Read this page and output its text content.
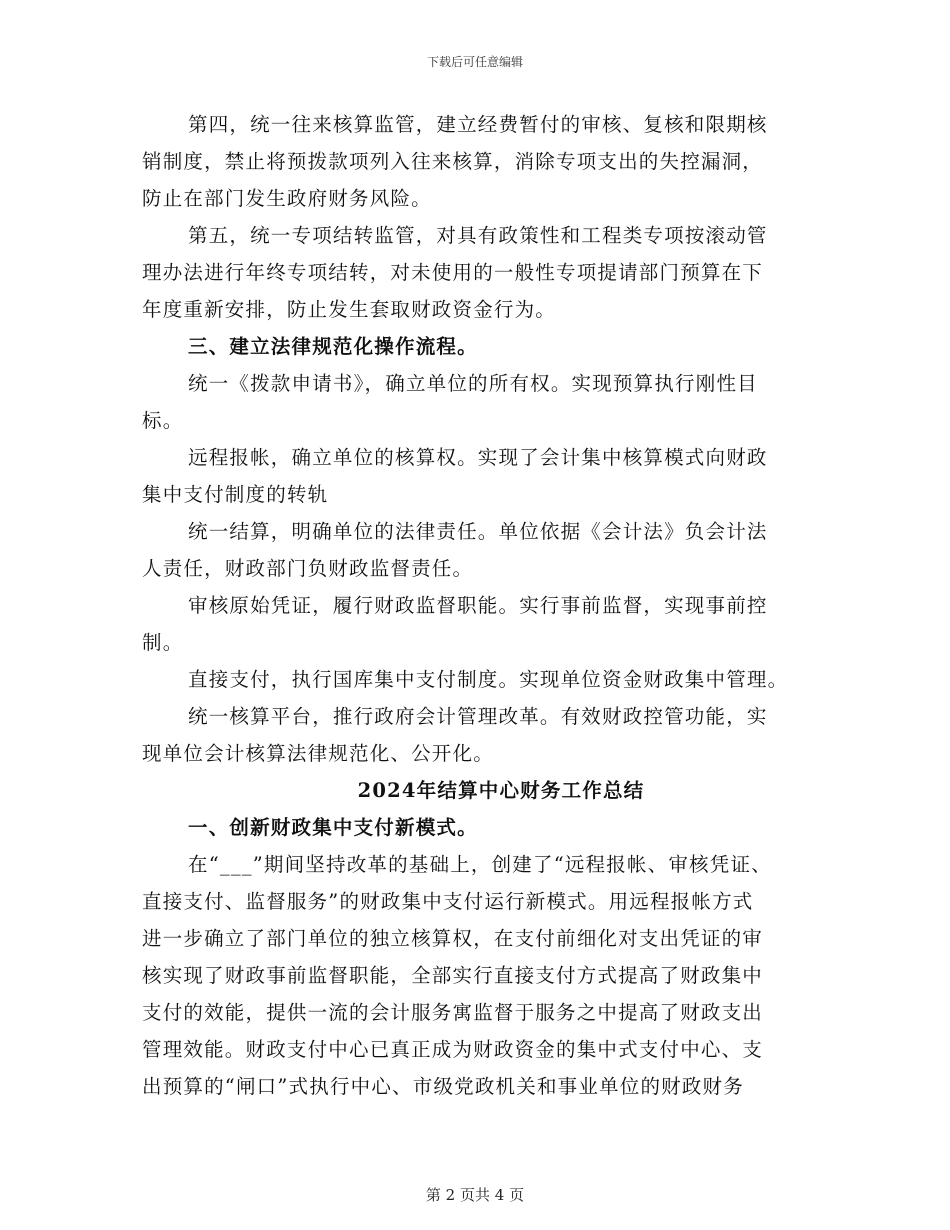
下载后可任意编辑
第四，统一往来核算监管，建立经费暂付的审核、复核和限期核
销制度，禁止将预拨款项列入往来核算，消除专项支出的失控漏洞，
防止在部门发生政府财务风险。
第五，统一专项结转监管，对具有政策性和工程类专项按滚动管
理办法进行年终专项结转，对未使用的一般性专项提请部门预算在下
年度重新安排，防止发生套取财政资金行为。
三、建立法律规范化操作流程。
统一《拨款申请书》，确立单位的所有权。实现预算执行刚性目
标。
远程报帐，确立单位的核算权。实现了会计集中核算模式向财政
集中支付制度的转轨
统一结算，明确单位的法律责任。单位依据《会计法》负会计法
人责任，财政部门负财政监督责任。
审核原始凭证，履行财政监督职能。实行事前监督，实现事前控
制。
直接支付，执行国库集中支付制度。实现单位资金财政集中管理。
统一核算平台，推行政府会计管理改革。有效财政控管功能，实
现单位会计核算法律规范化、公开化。
2024年结算中心财务工作总结
一、创新财政集中支付新模式。
在“___”期间坚持改革的基础上，创建了“远程报帐、审核凭证、
直接支付、监督服务”的财政集中支付运行新模式。用远程报帐方式
进一步确立了部门单位的独立核算权，在支付前细化对支出凭证的审
核实现了财政事前监督职能，全部实行直接支付方式提高了财政集中
支付的效能，提供一流的会计服务寓监督于服务之中提高了财政支出
管理效能。财政支付中心已真正成为财政资金的集中式支付中心、支
出预算的“闸口”式执行中心、市级党政机关和事业单位的财政财务
第 2 页共 4 页
